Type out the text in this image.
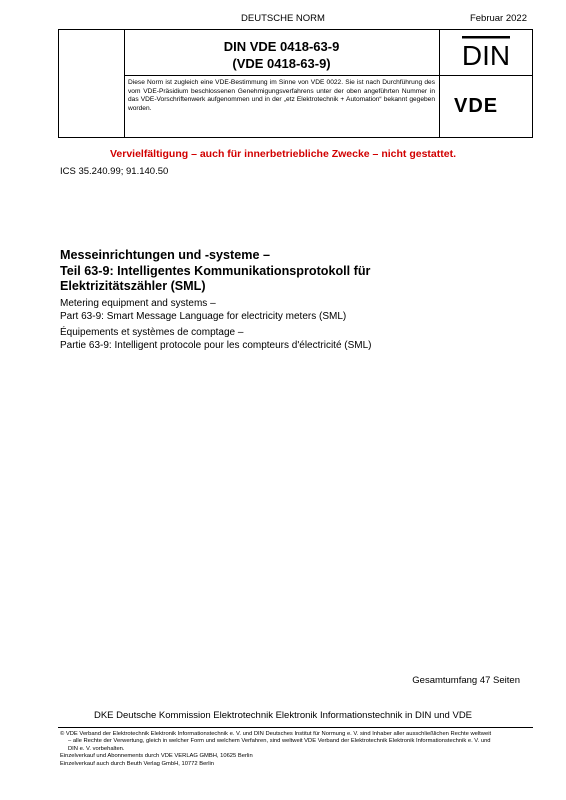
DEUTSCHE NORM	Februar 2022
DIN VDE 0418-63-9
(VDE 0418-63-9)
Diese Norm ist zugleich eine VDE-Bestimmung im Sinne von VDE 0022. Sie ist nach Durchführung des vom VDE-Präsidium beschlossenen Genehmigungsverfahrens unter der oben angeführten Nummer in das VDE-Vorschriftenwerk aufgenommen und in der „etz Elektrotechnik + Automation“ bekannt gegeben worden.
DIN
VDE
Vervielfältigung – auch für innerbetriebliche Zwecke – nicht gestattet.
ICS 35.240.99; 91.140.50
Messeinrichtungen und -systeme –
Teil 63-9: Intelligentes Kommunikationsprotokoll für
Elektrizitätszähler (SML)
Metering equipment and systems –
Part 63-9: Smart Message Language for electricity meters (SML)
Équipements et systèmes de comptage –
Partie 63-9: Intelligent protocole pour les compteurs d'électricité (SML)
Gesamtumfang 47 Seiten
DKE Deutsche Kommission Elektrotechnik Elektronik Informationstechnik in DIN und VDE
© VDE Verband der Elektrotechnik Elektronik Informationstechnik e. V. und DIN Deutsches Institut für Normung e. V. sind Inhaber aller ausschließlichen Rechte weltweit
– alle Rechte der Verwertung, gleich in welcher Form und welchem Verfahren, sind weltweit VDE Verband der Elektrotechnik Elektronik Informationstechnik e. V. und
DIN e. V. vorbehalten.
Einzelverkauf und Abonnements durch VDE VERLAG GMBH, 10625 Berlin
Einzelverkauf auch durch Beuth Verlag GmbH, 10772 Berlin
